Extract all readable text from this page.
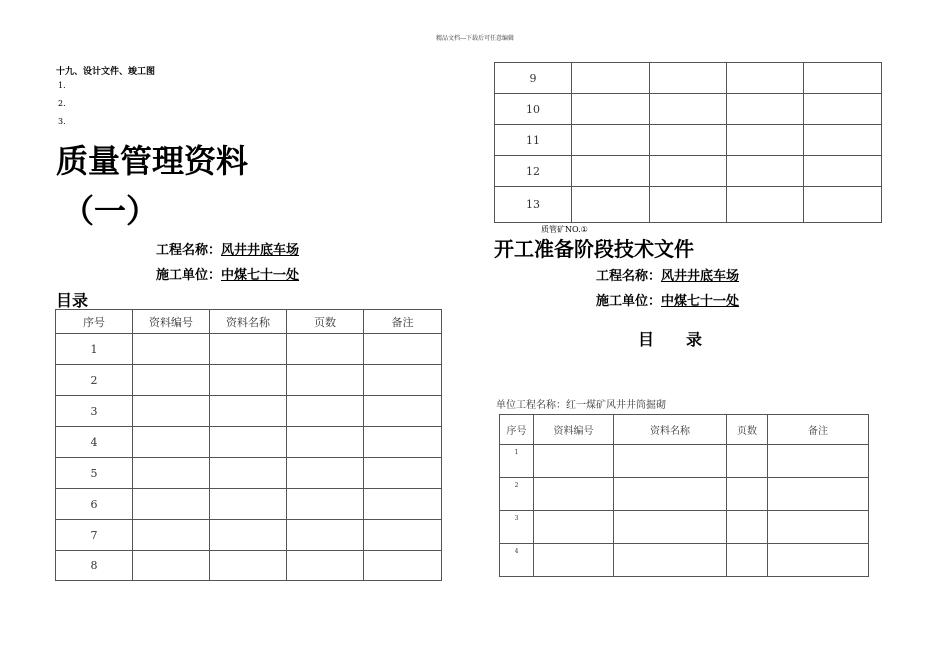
精品文档---下载后可任意编辑
十九、设计文件、竣工图
1.
2.
3.
质量管理资料
（一）
工程名称：风井井底车场
施工单位：中煤七十一处
目录
序号	资料编号	资料名称	页数	备注
1				
2				
3				
4				
5				
6				
7				
8				
9				
10				
11				
12				
13				
质管矿NO.①
开工准备阶段技术文件
工程名称：风井井底车场
施工单位：中煤七十一处
目　　录
单位工程名称：红一煤矿风井井筒掘砌
序号	资料编号	资料名称	页数	备注
1				
2				
3				
4				
